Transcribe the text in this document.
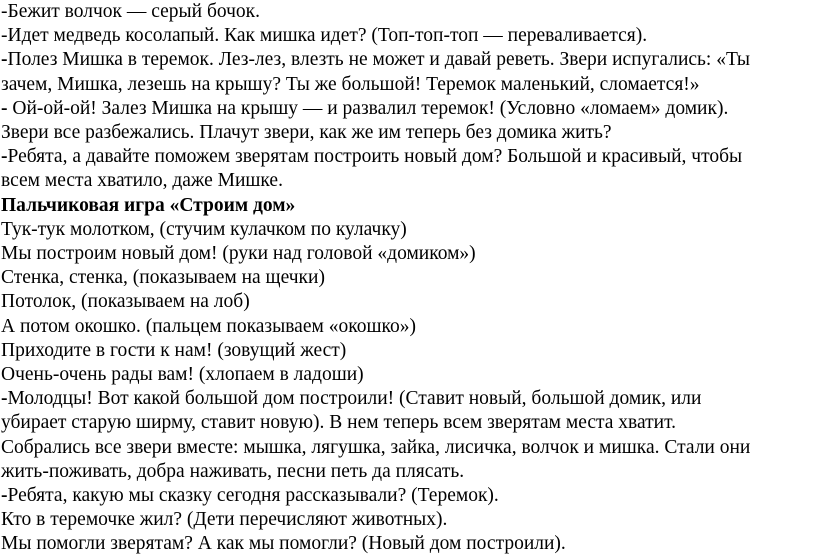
-Бежит волчок — серый бочок.
-Идет медведь косолапый. Как мишка идет? (Топ-топ-топ — переваливается).
-Полез Мишка в теремок. Лез-лез, влезть не может и давай реветь. Звери испугались: «Ты
зачем, Мишка, лезешь на крышу? Ты же большой! Теремок маленький, сломается!»
- Ой-ой-ой! Залез Мишка на крышу — и развалил теремок! (Условно «ломаем» домик).
Звери все разбежались. Плачут звери, как же им теперь без домика жить?
-Ребята, а давайте поможем зверятам построить новый дом? Большой и красивый, чтобы
всем места хватило, даже Мишке.
Пальчиковая игра «Строим дом»
Тук-тук молотком, (стучим кулачком по кулачку)
Мы построим новый дом! (руки над головой «домиком»)
Стенка, стенка, (показываем на щечки)
Потолок, (показываем на лоб)
А потом окошко. (пальцем показываем «окошко»)
Приходите в гости к нам! (зовущий жест)
Очень-очень рады вам! (хлопаем в ладоши)
-Молодцы! Вот какой большой дом построили! (Ставит новый, большой домик, или
убирает старую ширму, ставит новую). В нем теперь всем зверятам места хватит.
Собрались все звери вместе: мышка, лягушка, зайка, лисичка, волчок и мишка. Стали они
жить-поживать, добра наживать, песни петь да плясать.
-Ребята, какую мы сказку сегодня рассказывали? (Теремок).
Кто в теремочке жил? (Дети перечисляют животных).
Мы помогли зверятам? А как мы помогли? (Новый дом построили).
